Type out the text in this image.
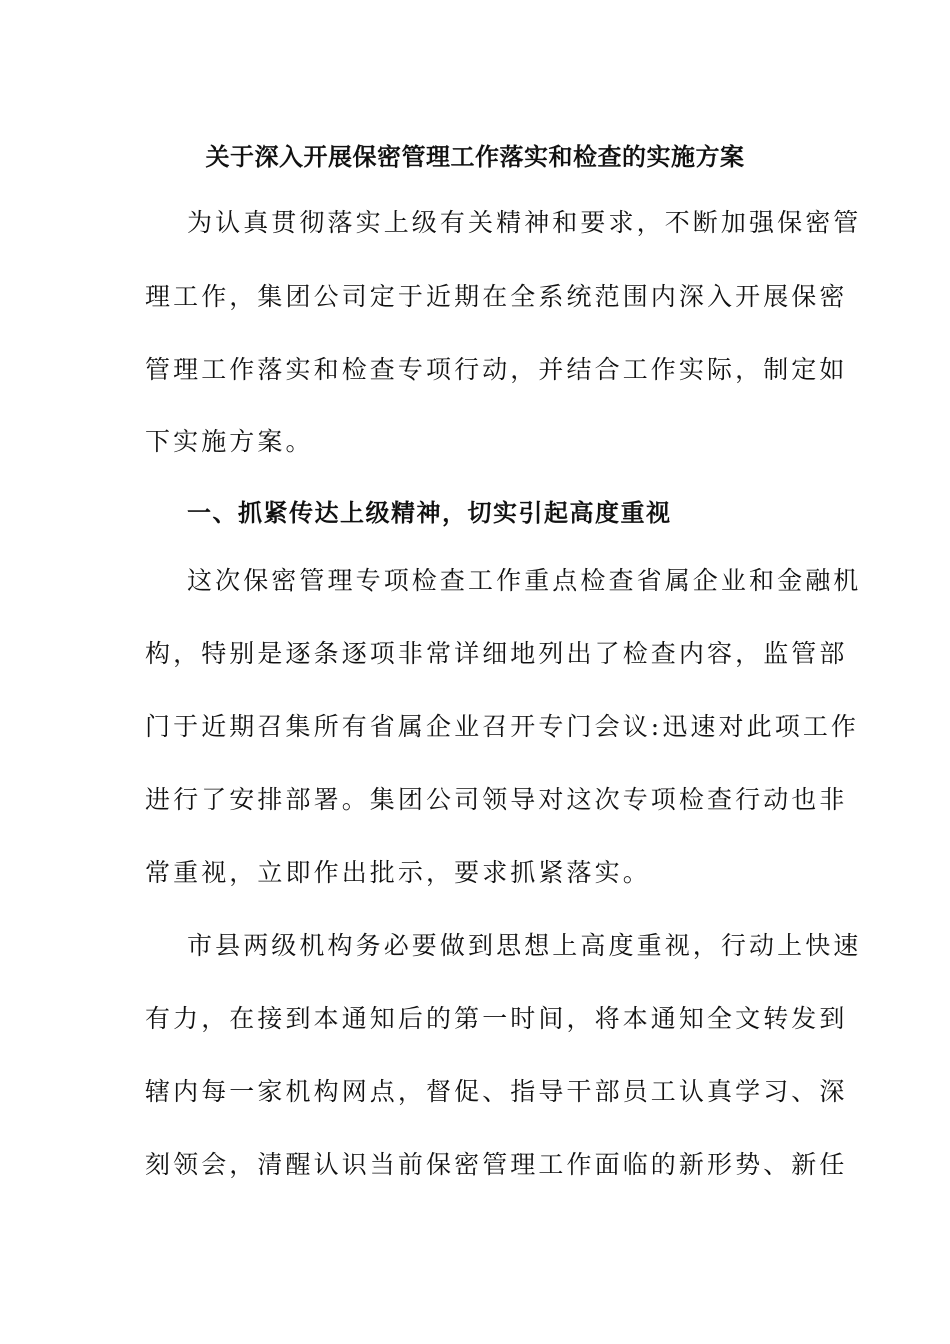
关于深入开展保密管理工作落实和检查的实施方案
为认真贯彻落实上级有关精神和要求，不断加强保密管
理工作，集团公司定于近期在全系统范围内深入开展保密
管理工作落实和检查专项行动，并结合工作实际，制定如
下实施方案。
一、抓紧传达上级精神，切实引起高度重视
这次保密管理专项检查工作重点检查省属企业和金融机
构，特别是逐条逐项非常详细地列出了检查内容，监管部
门于近期召集所有省属企业召开专门会议:迅速对此项工作
进行了安排部署。集团公司领导对这次专项检查行动也非
常重视，立即作出批示，要求抓紧落实。
市县两级机构务必要做到思想上高度重视，行动上快速
有力，在接到本通知后的第一时间，将本通知全文转发到
辖内每一家机构网点，督促、指导干部员工认真学习、深
刻领会，清醒认识当前保密管理工作面临的新形势、新任
